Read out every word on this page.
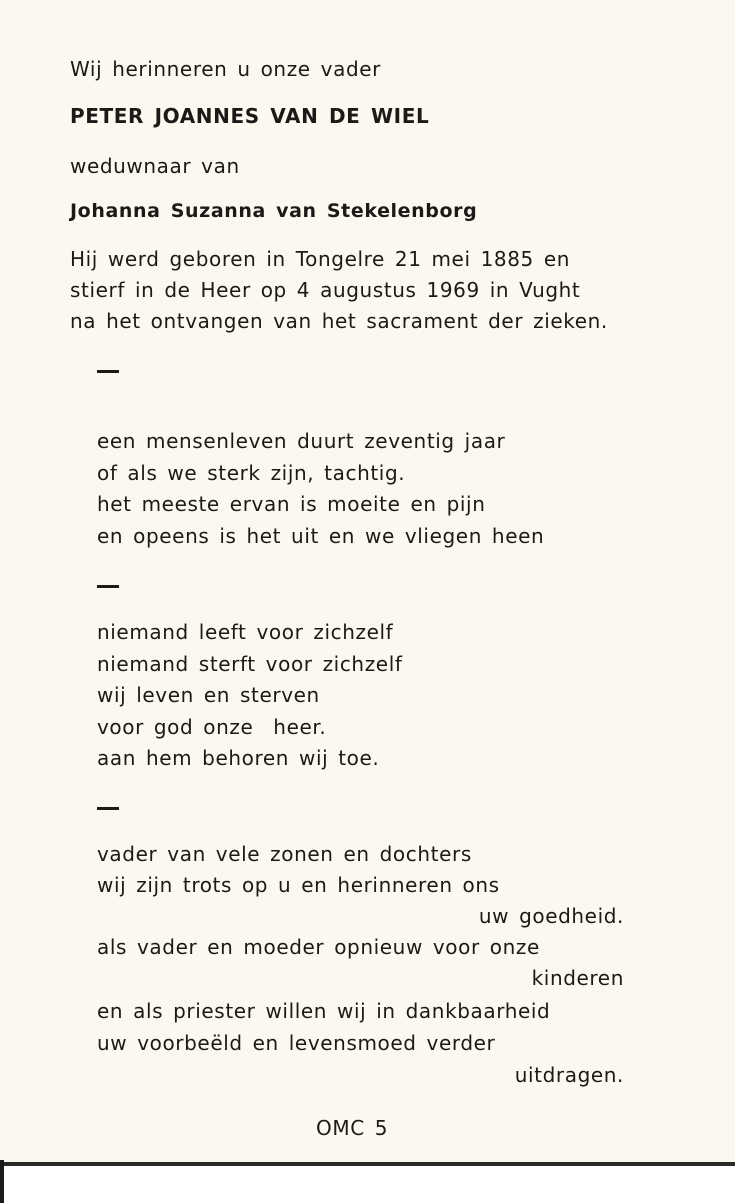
Wij herinneren u onze vader
PETER JOANNES VAN DE WIEL
weduwnaar van
Johanna Suzanna van Stekelenborg
Hij werd geboren in Tongelre 21 mei 1885 en
stierf in de Heer op 4 augustus 1969 in Vught
na het ontvangen van het sacrament der zieken.
een mensenleven duurt zeventig jaar
of als we sterk zijn, tachtig.
het meeste ervan is moeite en pijn
en opeens is het uit en we vliegen heen
niemand leeft voor zichzelf
niemand sterft voor zichzelf
wij leven en sterven
voor god onze  heer.
aan hem behoren wij toe.
vader van vele zonen en dochters
wij zijn trots op u en herinneren ons
uw goedheid.
als vader en moeder opnieuw voor onze
kinderen
en als priester willen wij in dankbaarheid
uw voorbeëld en levensmoed verder
uitdragen.
OMC 5
